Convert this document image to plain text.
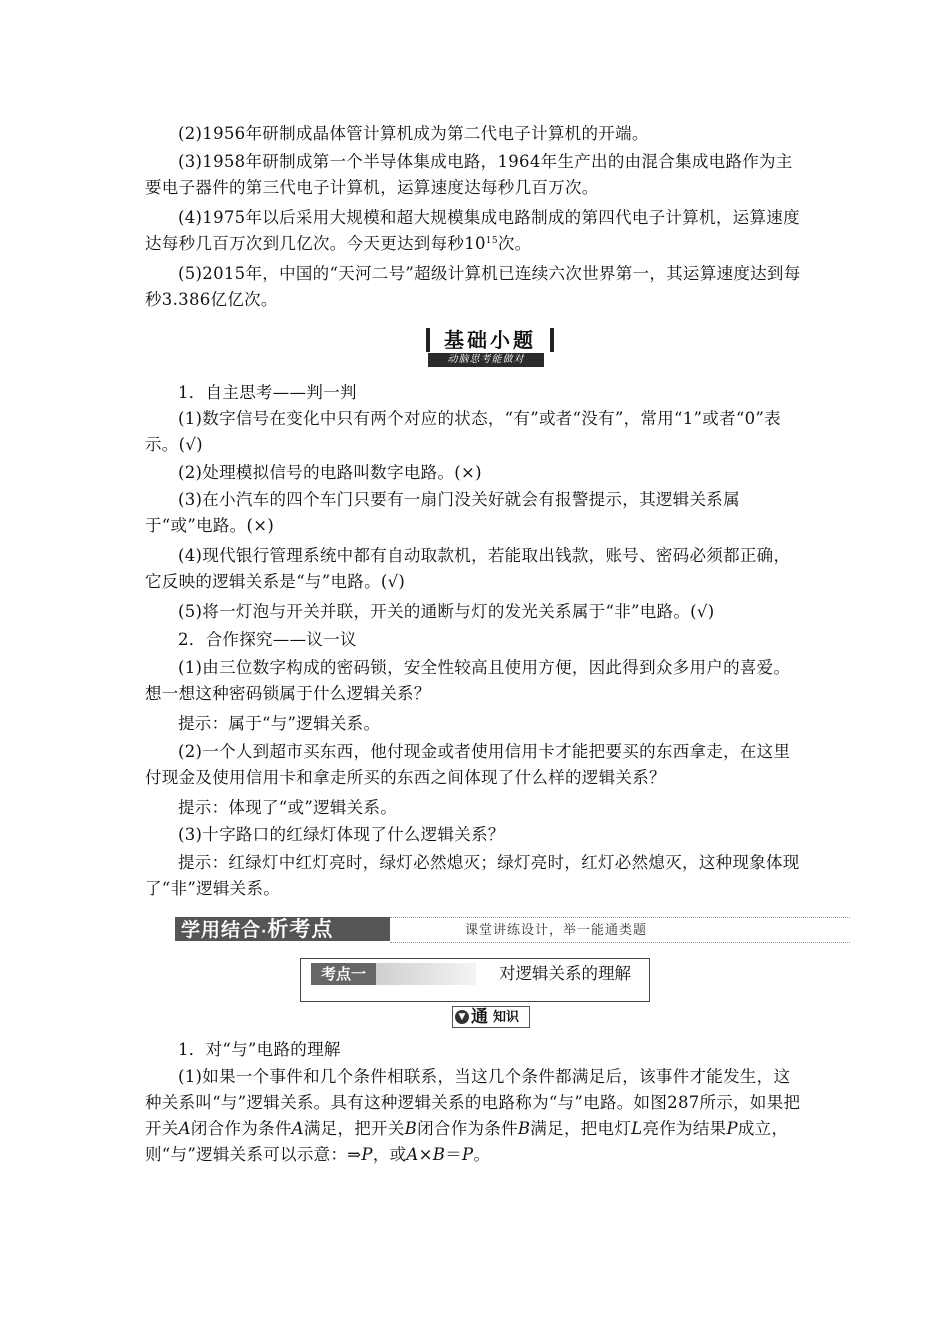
(2)1956年研制成晶体管计算机成为第二代电子计算机的开端。
(3)1958年研制成第一个半导体集成电路，1964年生产出的由混合集成电路作为主要电子器件的第三代电子计算机，运算速度达每秒几百万次。
(4)1975年以后采用大规模和超大规模集成电路制成的第四代电子计算机，运算速度达每秒几百万次到几亿次。今天更达到每秒$10^{15}$次。
(5)2015年，中国的“天河二号”超级计算机已连续六次世界第一，其运算速度达到每秒3.386亿亿次。
基础小题
动脑思考能做对
1．自主思考——判一判
(1)数字信号在变化中只有两个对应的状态，“有”或者“没有”，常用“1”或者“0”表示。(√)
(2)处理模拟信号的电路叫数字电路。(×)
(3)在小汽车的四个车门只要有一扇门没关好就会有报警提示，其逻辑关系属于“或”电路。(×)
(4)现代银行管理系统中都有自动取款机，若能取出钱款，账号、密码必须都正确，它反映的逻辑关系是“与”电路。(√)
(5)将一灯泡与开关并联，开关的通断与灯的发光关系属于“非”电路。(√)
2．合作探究——议一议
(1)由三位数字构成的密码锁，安全性较高且使用方便，因此得到众多用户的喜爱。想一想这种密码锁属于什么逻辑关系？
提示：属于“与”逻辑关系。
(2)一个人到超市买东西，他付现金或者使用信用卡才能把要买的东西拿走，在这里付现金及使用信用卡和拿走所买的东西之间体现了什么样的逻辑关系？
提示：体现了“或”逻辑关系。
(3)十字路口的红绿灯体现了什么逻辑关系？
提示：红绿灯中红灯亮时，绿灯必然熄灭；绿灯亮时，红灯必然熄灭，这种现象体现了“非”逻辑关系。
学用结合·析考点	课堂讲练设计，举一能通类题
考点一	对逻辑关系的理解
▼ 通 知识
1．对“与”电路的理解
(1)如果一个事件和几个条件相联系，当这几个条件都满足后，该事件才能发生，这种关系叫“与”逻辑关系。具有这种逻辑关系的电路称为“与”电路。如图287所示，如果把开关A闭合作为条件A满足，把开关B闭合作为条件B满足，把电灯L亮作为结果P成立，则“与”逻辑关系可以示意：⇒P，或A×B＝P。
